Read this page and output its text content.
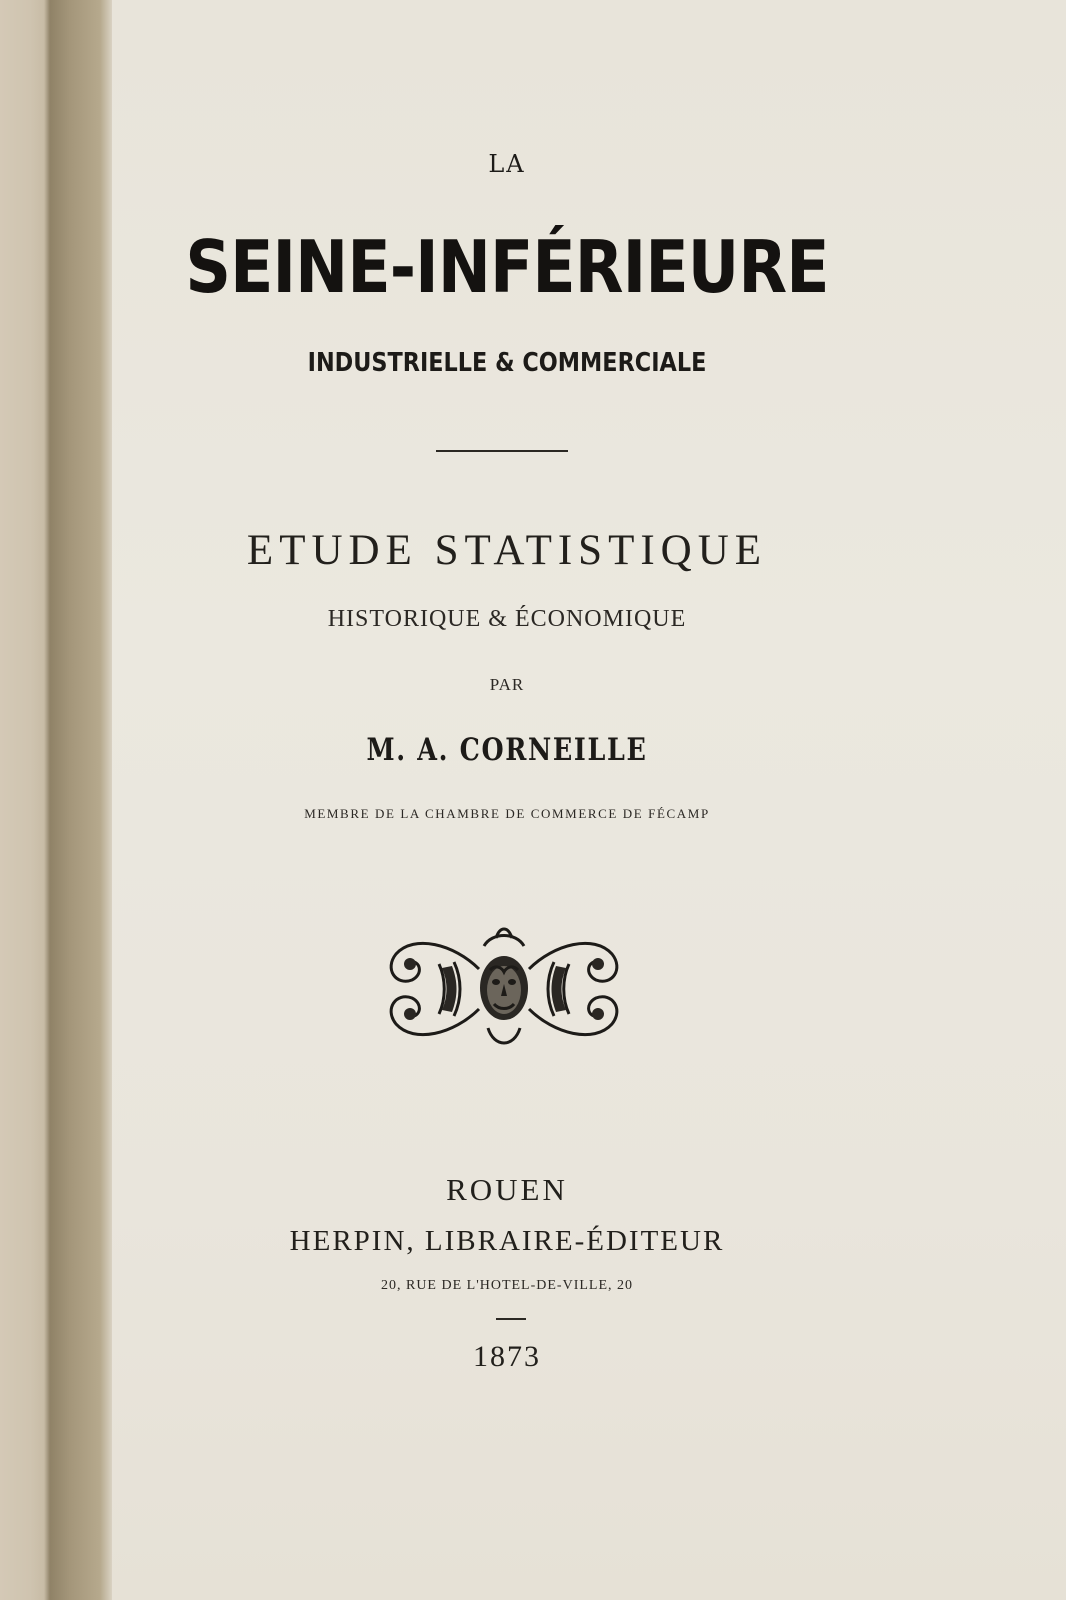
LA

SEINE-INFÉRIEURE

INDUSTRIELLE & COMMERCIALE

ETUDE STATISTIQUE

HISTORIQUE & ÉCONOMIQUE

PAR

M. A. CORNEILLE

MEMBRE DE LA CHAMBRE DE COMMERCE DE FÉCAMP

ROUEN

HERPIN, LIBRAIRE-ÉDITEUR

20, RUE DE L'HOTEL-DE-VILLE, 20

1873
